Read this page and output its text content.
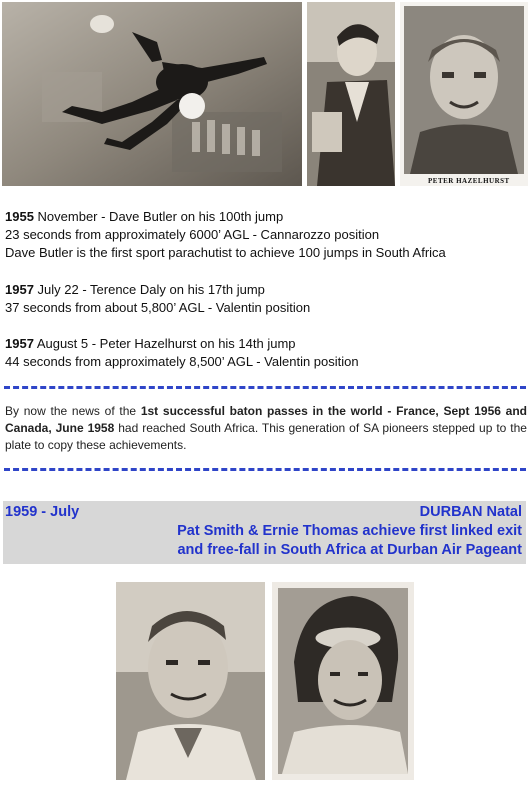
PETER HAZELHURST
1955 November - Dave Butler on his 100th jump
23 seconds from approximately 6000’ AGL - Cannarozzo position
Dave Butler is the first sport parachutist to achieve 100 jumps in South Africa
1957 July 22 - Terence Daly on his 17th jump
37 seconds from about 5,800’ AGL - Valentin position
1957 August 5 - Peter Hazelhurst on his 14th jump
44 seconds from approximately 8,500’ AGL - Valentin position
By now the news of the 1st successful baton passes in the world - France, Sept 1956 and Canada, June 1958 had reached South Africa. This generation of SA pioneers stepped up to the plate to copy these achievements.
1959 - July	DURBAN Natal
Pat Smith & Ernie Thomas achieve first linked exit
and free-fall in South Africa at Durban Air Pageant
